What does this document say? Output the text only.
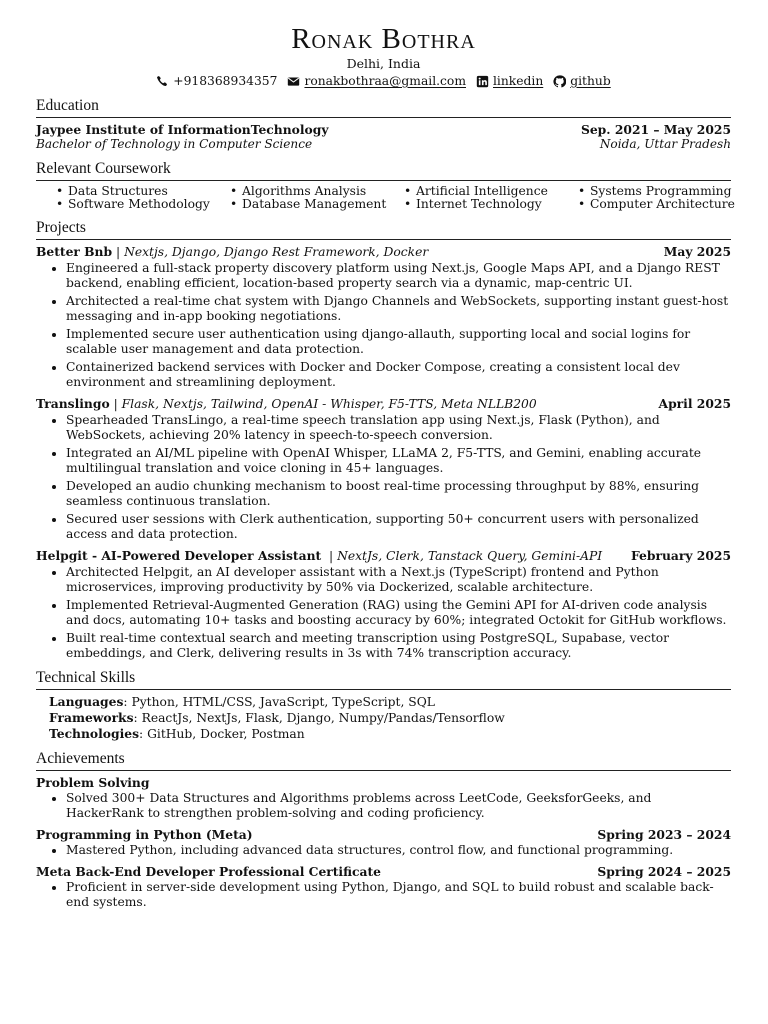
Ronak Bothra
Delhi, India
+918368934357 ronakbothraa@gmail.com linkedin github
Education
Jaypee Institute of InformationTechnology	Sep. 2021 – May 2025
Bachelor of Technology in Computer Science	Noida, Uttar Pradesh
Relevant Coursework
• Data Structures
• Software Methodology
• Algorithms Analysis
• Database Management
• Artificial Intelligence
• Internet Technology
• Systems Programming
• Computer Architecture
Projects
Better Bnb | Nextjs, Django, Django Rest Framework, Docker	May 2025
• Engineered a full-stack property discovery platform using Next.js, Google Maps API, and a Django REST backend, enabling efficient, location-based property search via a dynamic, map-centric UI.
• Architected a real-time chat system with Django Channels and WebSockets, supporting instant guest-host messaging and in-app booking negotiations.
• Implemented secure user authentication using django-allauth, supporting local and social logins for scalable user management and data protection.
• Containerized backend services with Docker and Docker Compose, creating a consistent local dev environment and streamlining deployment.
Translingo | Flask, Nextjs, Tailwind, OpenAI - Whisper, F5-TTS, Meta NLLB200	April 2025
• Spearheaded TransLingo, a real-time speech translation app using Next.js, Flask (Python), and WebSockets, achieving 20% latency in speech-to-speech conversion.
• Integrated an AI/ML pipeline with OpenAI Whisper, LLaMA 2, F5-TTS, and Gemini, enabling accurate multilingual translation and voice cloning in 45+ languages.
• Developed an audio chunking mechanism to boost real-time processing throughput by 88%, ensuring seamless continuous translation.
• Secured user sessions with Clerk authentication, supporting 50+ concurrent users with personalized access and data protection.
Helpgit - AI-Powered Developer Assistant  | NextJs, Clerk, Tanstack Query, Gemini-API February 2025
• Architected Helpgit, an AI developer assistant with a Next.js (TypeScript) frontend and Python microservices, improving productivity by 50% via Dockerized, scalable architecture.
• Implemented Retrieval-Augmented Generation (RAG) using the Gemini API for AI-driven code analysis and docs, automating 10+ tasks and boosting accuracy by 60%; integrated Octokit for GitHub workflows.
• Built real-time contextual search and meeting transcription using PostgreSQL, Supabase, vector embeddings, and Clerk, delivering results in 3s with 74% transcription accuracy.
Technical Skills
Languages: Python, HTML/CSS, JavaScript, TypeScript, SQL
Frameworks: ReactJs, NextJs, Flask, Django, Numpy/Pandas/Tensorflow
Technologies: GitHub, Docker, Postman
Achievements
Problem Solving
• Solved 300+ Data Structures and Algorithms problems across LeetCode, GeeksforGeeks, and HackerRank to strengthen problem-solving and coding proficiency.
Programming in Python (Meta)	Spring 2023 – 2024
• Mastered Python, including advanced data structures, control flow, and functional programming.
Meta Back-End Developer Professional Certificate	Spring 2024 – 2025
• Proficient in server-side development using Python, Django, and SQL to build robust and scalable back-end systems.
